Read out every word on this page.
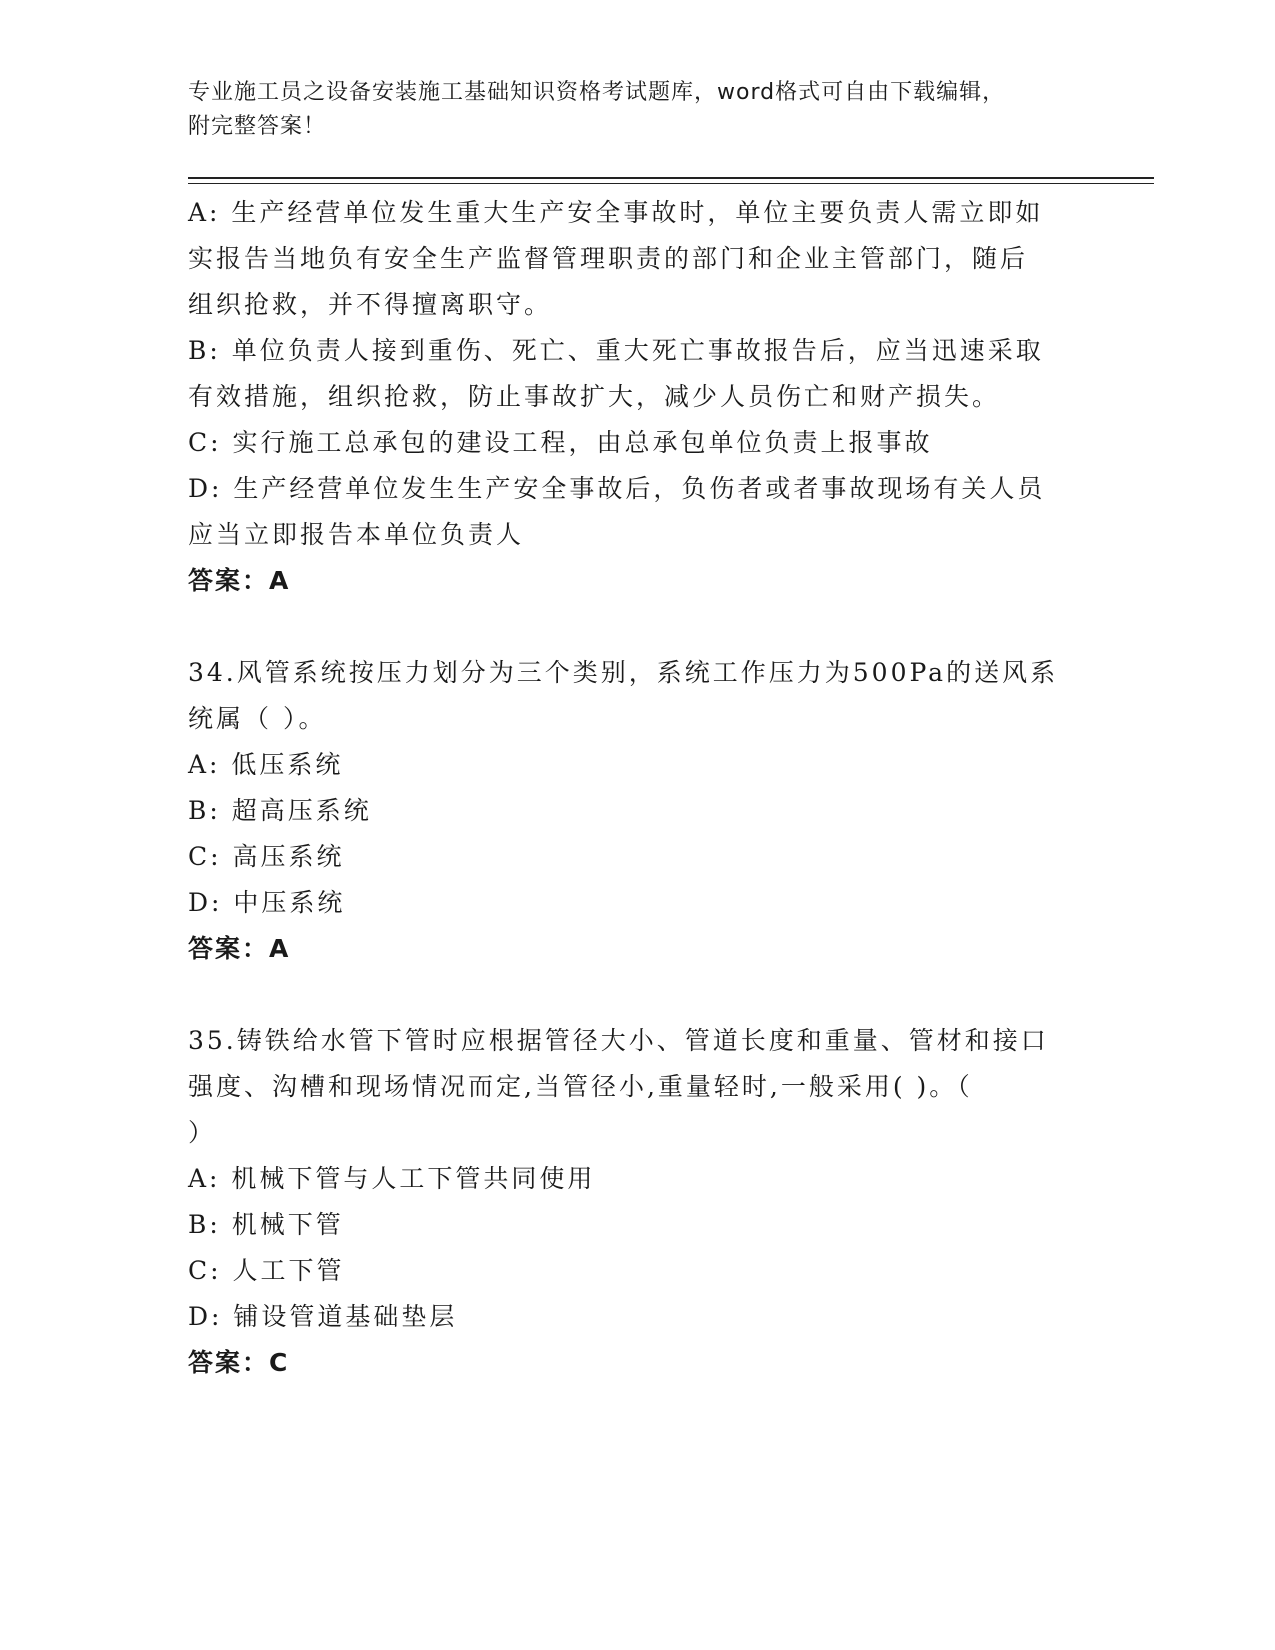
专业施工员之设备安装施工基础知识资格考试题库，word格式可自由下载编辑，
附完整答案！
A: 生产经营单位发生重大生产安全事故时，单位主要负责人需立即如
实报告当地负有安全生产监督管理职责的部门和企业主管部门，随后
组织抢救，并不得擅离职守。
B: 单位负责人接到重伤、死亡、重大死亡事故报告后，应当迅速采取
有效措施，组织抢救，防止事故扩大，减少人员伤亡和财产损失。
C: 实行施工总承包的建设工程，由总承包单位负责上报事故
D: 生产经营单位发生生产安全事故后，负伤者或者事故现场有关人员
应当立即报告本单位负责人
答案：A
34.风管系统按压力划分为三个类别，系统工作压力为500Pa的送风系
统属（ ）。
A: 低压系统
B: 超高压系统
C: 高压系统
D: 中压系统
答案：A
35.铸铁给水管下管时应根据管径大小、管道长度和重量、管材和接口
强度、沟槽和现场情况而定,当管径小,重量轻时,一般采用( )。（
）
A: 机械下管与人工下管共同使用
B: 机械下管
C: 人工下管
D: 铺设管道基础垫层
答案：C
